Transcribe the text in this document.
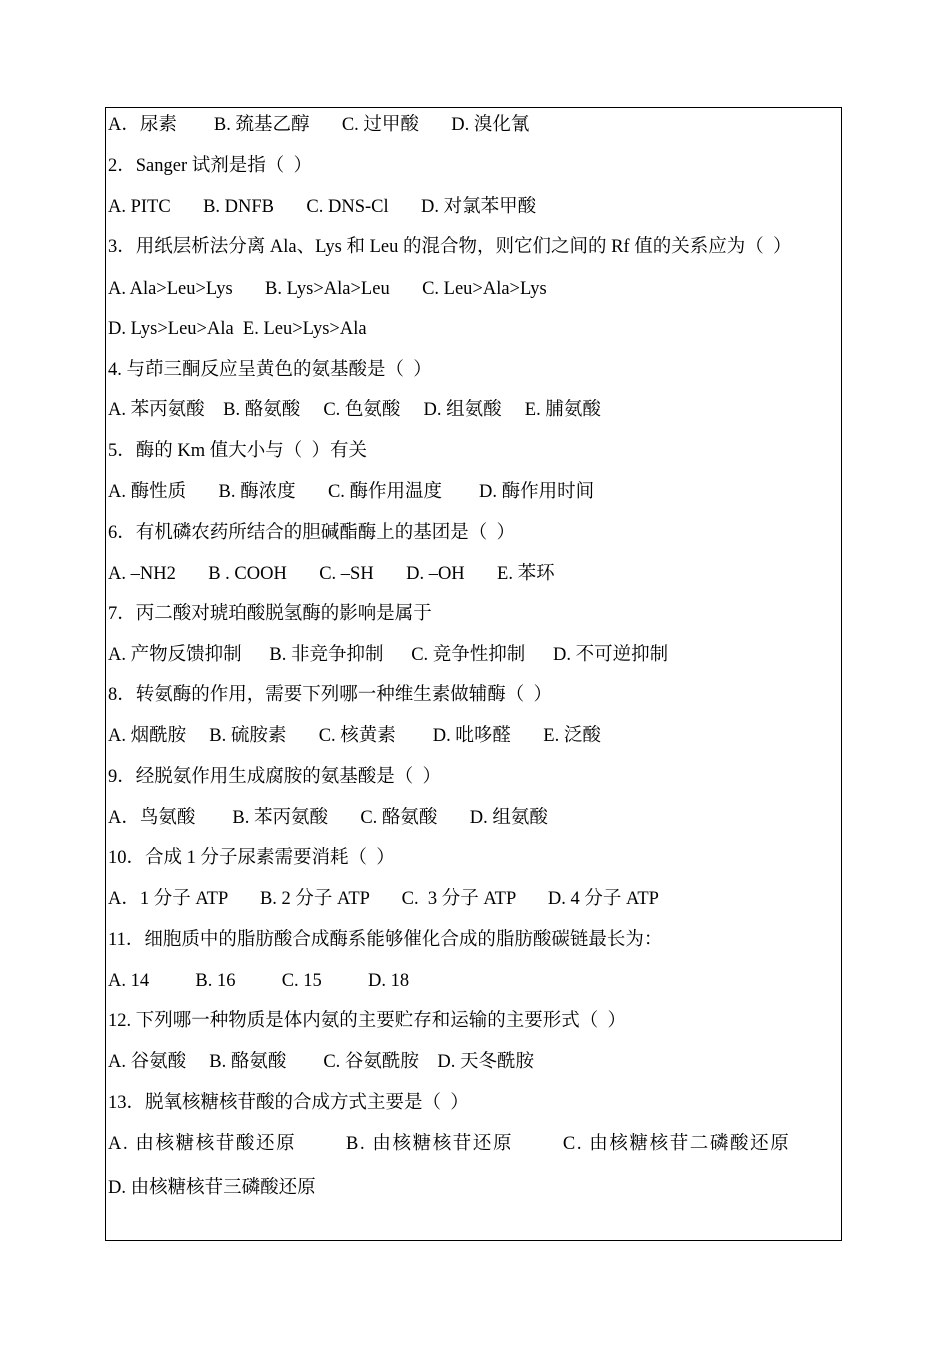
A．尿素        B. 巯基乙醇       C. 过甲酸       D. 溴化氰
2．Sanger 试剂是指（  ）
A. PITC       B. DNFB       C. DNS-Cl       D. 对氯苯甲酸
3．用纸层析法分离 Ala、Lys 和 Leu 的混合物，则它们之间的 Rf 值的关系应为（  ）
A. Ala>Leu>Lys       B. Lys>Ala>Leu       C. Leu>Ala>Lys
D. Lys>Leu>Ala  E. Leu>Lys>Ala
4. 与茚三酮反应呈黄色的氨基酸是（  ）
A. 苯丙氨酸    B. 酪氨酸     C. 色氨酸     D. 组氨酸     E. 脯氨酸
5．酶的 Km 值大小与（  ）有关
A. 酶性质       B. 酶浓度       C. 酶作用温度        D. 酶作用时间
6．有机磷农药所结合的胆碱酯酶上的基团是（  ）
A. –NH2       B . COOH       C. –SH       D. –OH       E. 苯环
7．丙二酸对琥珀酸脱氢酶的影响是属于
A. 产物反馈抑制      B. 非竞争抑制      C. 竞争性抑制      D. 不可逆抑制
8．转氨酶的作用，需要下列哪一种维生素做辅酶（  ）
A. 烟酰胺     B. 硫胺素       C. 核黄素        D. 吡哆醛       E. 泛酸
9．经脱氨作用生成腐胺的氨基酸是（  ）
A．鸟氨酸        B. 苯丙氨酸       C. 酪氨酸       D. 组氨酸
10．合成 1 分子尿素需要消耗（  ）
A．1 分子 ATP       B. 2 分子 ATP       C.  3 分子 ATP       D. 4 分子 ATP
11．细胞质中的脂肪酸合成酶系能够催化合成的脂肪酸碳链最长为：
A. 14          B. 16          C. 15          D. 18
12. 下列哪一种物质是体内氨的主要贮存和运输的主要形式（  ）
A. 谷氨酸     B. 酪氨酸        C. 谷氨酰胺    D. 天冬酰胺
13．脱氧核糖核苷酸的合成方式主要是（  ）
A. 由核糖核苷酸还原        B. 由核糖核苷还原        C. 由核糖核苷二磷酸还原
D. 由核糖核苷三磷酸还原
